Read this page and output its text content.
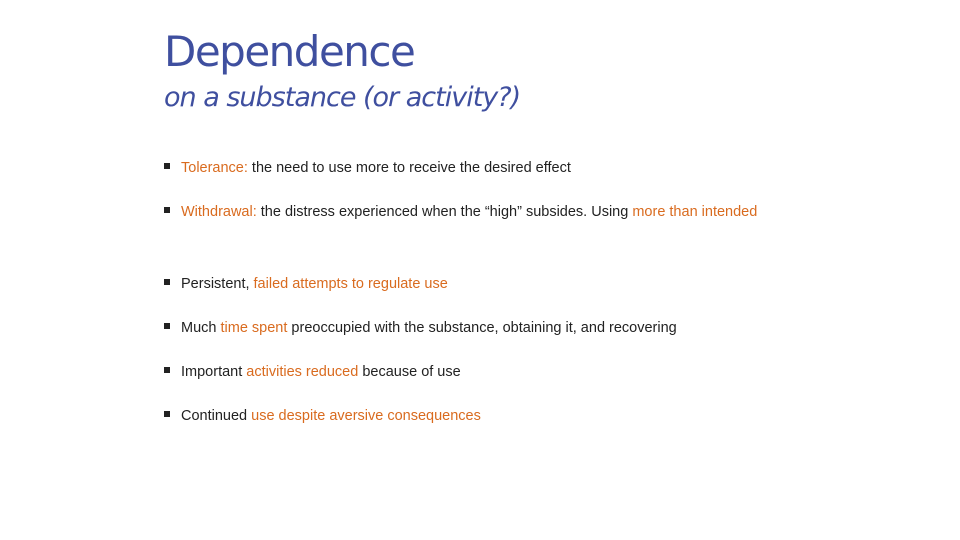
Dependence
on a substance (or activity?)
Tolerance: the need to use more to receive the desired effect
Withdrawal: the distress experienced when the “high” subsides. Using more than intended
Persistent, failed attempts to regulate use
Much time spent preoccupied with the substance, obtaining it, and recovering
Important activities reduced because of use
Continued use despite aversive consequences
